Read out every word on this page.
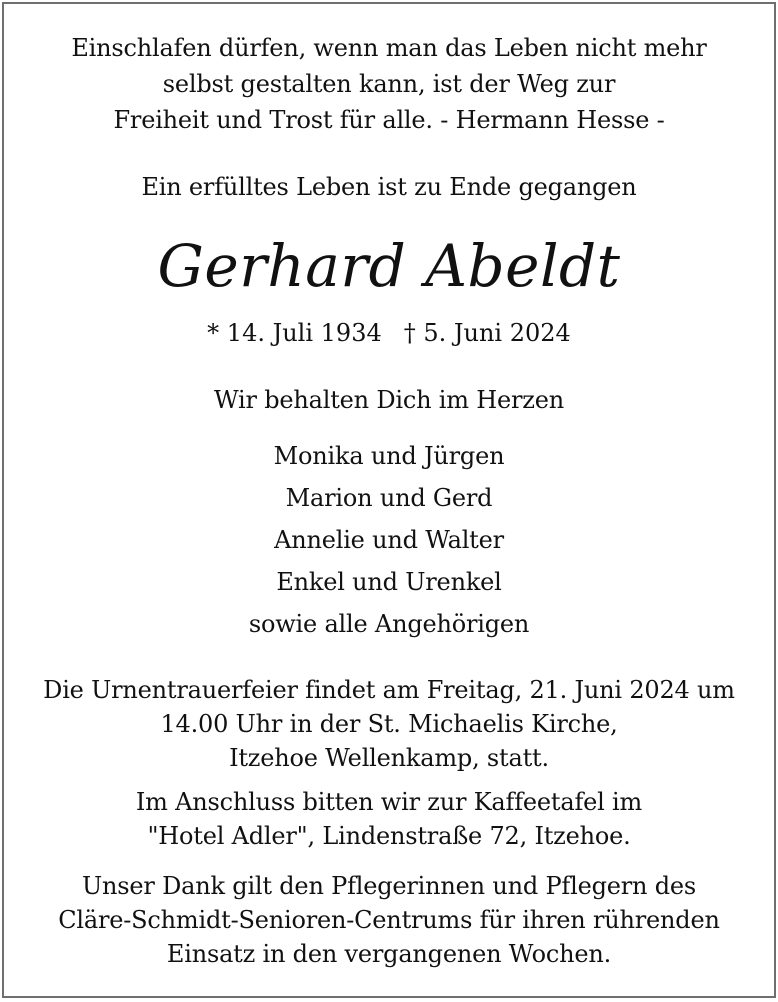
Einschlafen dürfen, wenn man das Leben nicht mehr
selbst gestalten kann, ist der Weg zur
Freiheit und Trost für alle. - Hermann Hesse -
Ein erfülltes Leben ist zu Ende gegangen
Gerhard Abeldt
* 14. Juli 1934 † 5. Juni 2024
Wir behalten Dich im Herzen
Monika und Jürgen
Marion und Gerd
Annelie und Walter
Enkel und Urenkel
sowie alle Angehörigen
Die Urnentrauerfeier findet am Freitag, 21. Juni 2024 um
14.00 Uhr in der St. Michaelis Kirche,
Itzehoe Wellenkamp, statt.
Im Anschluss bitten wir zur Kaffeetafel im
"Hotel Adler", Lindenstraße 72, Itzehoe.
Unser Dank gilt den Pflegerinnen und Pflegern des
Cläre-Schmidt-Senioren-Centrums für ihren rührenden
Einsatz in den vergangenen Wochen.
